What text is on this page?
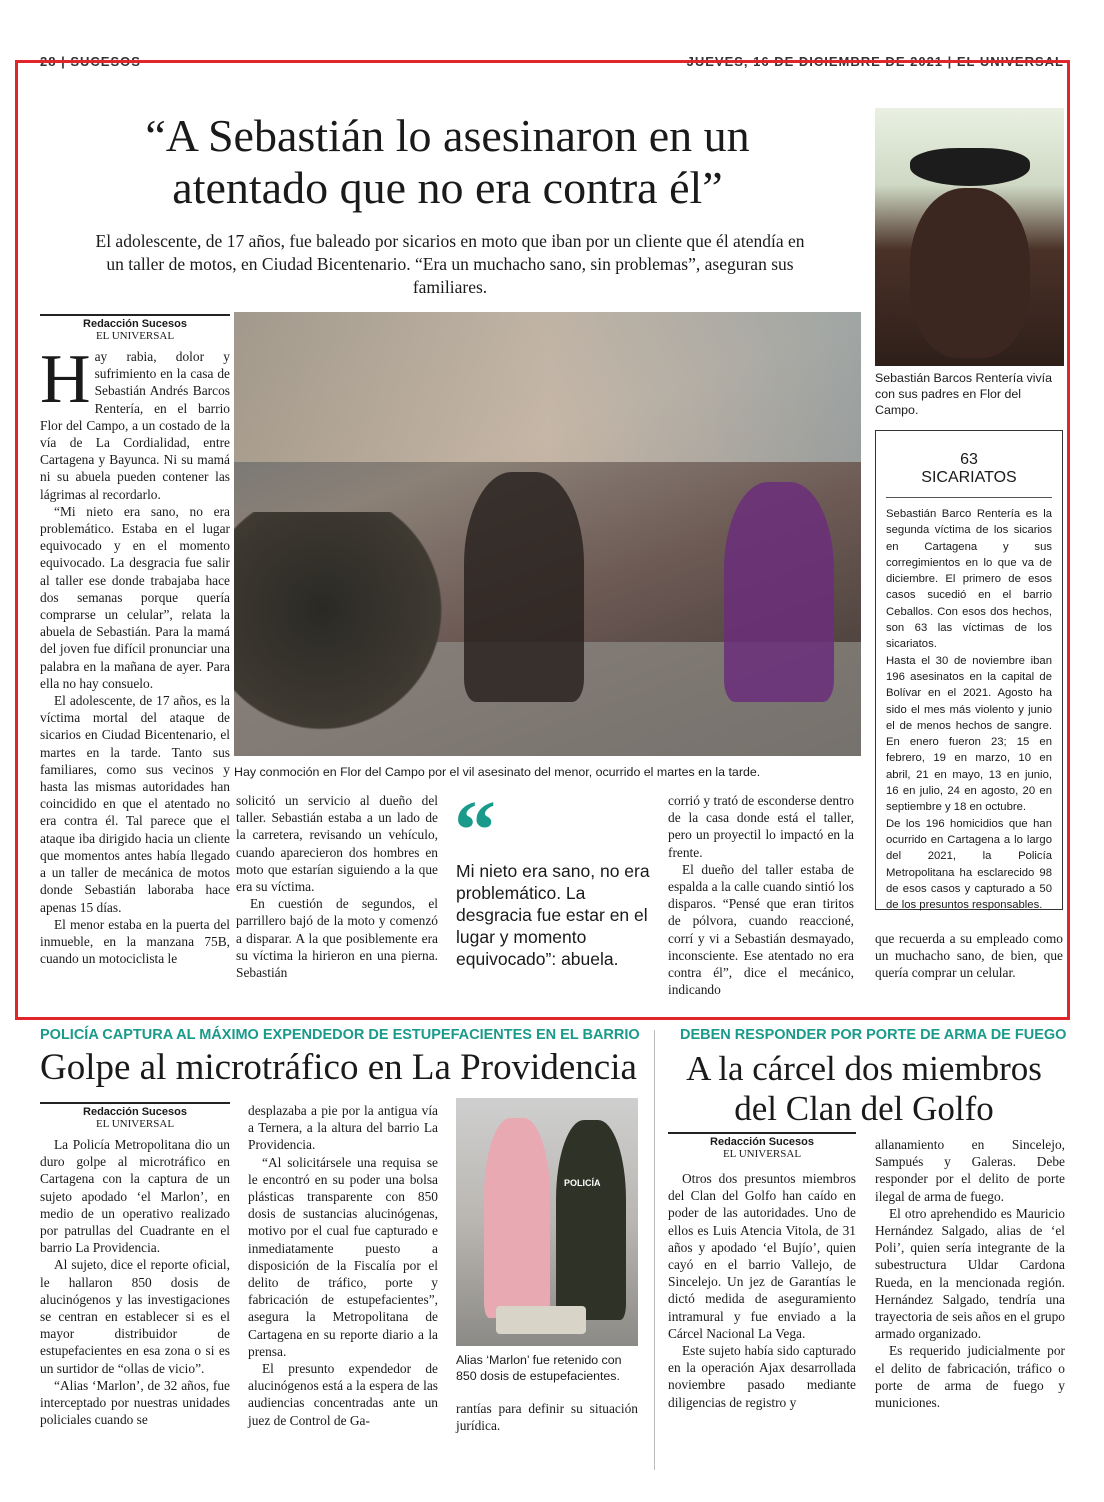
28 | SUCESOS	JUEVES, 16 DE DICIEMBRE DE 2021 | EL UNIVERSAL
“A Sebastián lo asesinaron en un
atentado que no era contra él”
El adolescente, de 17 años, fue baleado por sicarios en moto que iban por un cliente que él atendía en un taller de motos, en Ciudad Bicentenario. “Era un muchacho sano, sin problemas”, aseguran sus familiares.
Sebastián Barcos Rentería vivía con sus padres en Flor del Campo.
63
SICARIATOS

Sebastián Barco Rentería es la segunda víctima de los sicarios en Cartagena y sus corregimientos en lo que va de diciembre. El primero de esos casos sucedió en el barrio Ceballos. Con esos dos hechos, son 63 las víctimas de los sicariatos.

Hasta el 30 de noviembre iban 196 asesinatos en la capital de Bolívar en el 2021. Agosto ha sido el mes más violento y junio el de menos hechos de sangre. En enero fueron 23; 15 en febrero, 19 en marzo, 10 en abril, 21 en mayo, 13 en junio, 16 en julio, 24 en agosto, 20 en septiembre y 18 en octubre.

De los 196 homicidios que han ocurrido en Cartagena a lo largo del 2021, la Policía Metropolitana ha esclarecido 98 de esos casos y capturado a 50 de los presuntos responsables.

Redacción Sucesos
EL UNIVERSAL
H ay rabia, dolor y sufrimiento en la casa de Sebastián Andrés Barcos Rentería, en el barrio Flor del Campo, a un costado de la vía de La Cordialidad, entre Cartagena y Bayunca. Ni su mamá ni su abuela pueden contener las lágrimas al recordarlo.

“Mi nieto era sano, no era problemático. Estaba en el lugar equivocado y en el momento equivocado. La desgracia fue salir al taller ese donde trabajaba hace dos semanas porque quería comprarse un celular”, relata la abuela de Sebastián. Para la mamá del joven fue difícil pronunciar una palabra en la mañana de ayer. Para ella no hay consuelo.

El adolescente, de 17 años, es la víctima mortal del ataque de sicarios en Ciudad Bicentenario, el martes en la tarde. Tanto sus familiares, como sus vecinos y hasta las mismas autoridades han coincidido en que el atentado no era contra él. Tal parece que el ataque iba dirigido hacia un cliente que momentos antes había llegado a un taller de mecánica de motos donde Sebastián laboraba hace apenas 15 días.

El menor estaba en la puerta del inmueble, en la manzana 75B, cuando un motociclista le

Hay conmoción en Flor del Campo por el vil asesinato del menor, ocurrido el martes en la tarde.

solicitó un servicio al dueño del taller. Sebastián estaba a un lado de la carretera, revisando un vehículo, cuando aparecieron dos hombres en moto que estarían siguiendo a la que era su víctima.

En cuestión de segundos, el parrillero bajó de la moto y comenzó a disparar. A la que posiblemente era su víctima la hirieron en una pierna. Sebastián

“
Mi nieto era sano, no era problemático. La desgracia fue estar en el lugar y momento equivocado”: abuela.

corrió y trató de esconderse dentro de la casa donde está el taller, pero un proyectil lo impactó en la frente.

El dueño del taller estaba de espalda a la calle cuando sintió los disparos. “Pensé que eran tiritos de pólvora, cuando reaccioné, corrí y vi a Sebastián desmayado, inconsciente. Ese atentado no era contra él”, dice el mecánico, indicando

que recuerda a su empleado como un muchacho sano, de bien, que quería comprar un celular.

POLICÍA CAPTURA AL MÁXIMO EXPENDEDOR DE ESTUPEFACIENTES EN EL BARRIO
Golpe al microtráfico en La Providencia
Redacción Sucesos
EL UNIVERSAL

La Policía Metropolitana dio un duro golpe al microtráfico en Cartagena con la captura de un sujeto apodado ‘el Marlon’, en medio de un operativo realizado por patrullas del Cuadrante en el barrio La Providencia.

Al sujeto, dice el reporte oficial, le hallaron 850 dosis de alucinógenos y las investigaciones se centran en establecer si es el mayor distribuidor de estupefacientes en esa zona o si es un surtidor de “ollas de vicio”.

“Alias ‘Marlon’, de 32 años, fue interceptado por nuestras unidades policiales cuando se

desplazaba a pie por la antigua vía a Ternera, a la altura del barrio La Providencia.

“Al solicitársele una requisa se le encontró en su poder una bolsa plásticas transparente con 850 dosis de sustancias alucinógenas, motivo por el cual fue capturado e inmediatamente puesto a disposición de la Fiscalía por el delito de tráfico, porte y fabricación de estupefacientes”, asegura la Metropolitana de Cartagena en su reporte diario a la prensa.

El presunto expendedor de alucinógenos está a la espera de las audiencias concentradas ante un juez de Control de Ga-

POLICÍA
Alias ‘Marlon’ fue retenido con 850 dosis de estupefacientes.

rantías para definir su situación jurídica.

DEBEN RESPONDER POR PORTE DE ARMA DE FUEGO
A la cárcel dos miembros
del Clan del Golfo
Redacción Sucesos
EL UNIVERSAL

Otros dos presuntos miembros del Clan del Golfo han caído en poder de las autoridades. Uno de ellos es Luis Atencia Vitola, de 31 años y apodado ‘el Bujío’, quien cayó en el barrio Vallejo, de Sincelejo. Un jez de Garantías le dictó medida de aseguramiento intramural y fue enviado a la Cárcel Nacional La Vega.

Este sujeto había sido capturado en la operación Ajax desarrollada noviembre pasado mediante diligencias de registro y

allanamiento en Sincelejo, Sampués y Galeras. Debe responder por el delito de porte ilegal de arma de fuego.

El otro aprehendido es Mauricio Hernández Salgado, alias de ‘el Poli’, quien sería integrante de la subestructura Uldar Cardona Rueda, en la mencionada región. Hernández Salgado, tendría una trayectoria de seis años en el grupo armado organizado.

Es requerido judicialmente por el delito de fabricación, tráfico o porte de arma de fuego y municiones.
